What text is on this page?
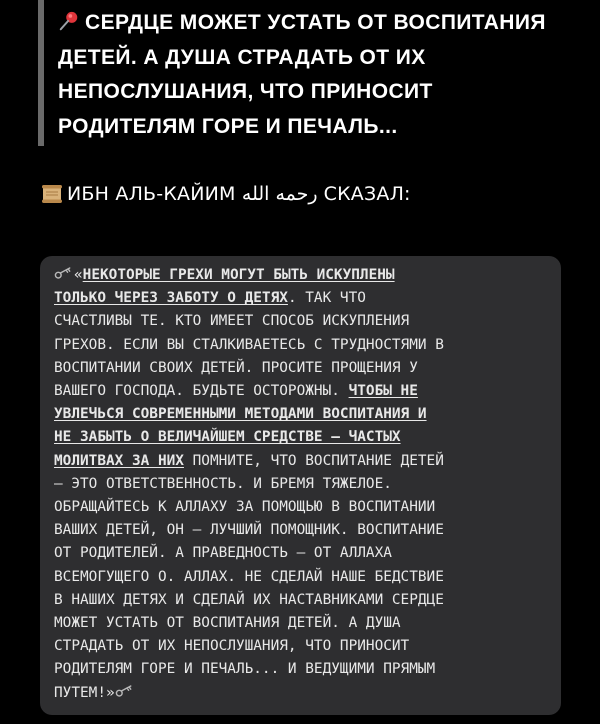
СЕРДЦЕ МОЖЕТ УСТАТЬ ОТ ВОСПИТАНИЯ
ДЕТЕЙ. А ДУША СТРАДАТЬ ОТ ИХ
НЕПОСЛУШАНИЯ, ЧТО ПРИНОСИТ
РОДИТЕЛЯМ ГОРЕ И ПЕЧАЛЬ...
ИБН АЛЬ-КАЙИМ رحمه الله СКАЗАЛ:
«НЕКОТОРЫЕ ГРЕХИ МОГУТ БЫТЬ ИСКУПЛЕНЫ
ТОЛЬКО ЧЕРЕЗ ЗАБОТУ О ДЕТЯХ. ТАК ЧТО
СЧАСТЛИВЫ ТЕ. КТО ИМЕЕТ СПОСОБ ИСКУПЛЕНИЯ
ГРЕХОВ. ЕСЛИ ВЫ СТАЛКИВАЕТЕСЬ С ТРУДНОСТЯМИ В
ВОСПИТАНИИ СВОИХ ДЕТЕЙ. ПРОСИТЕ ПРОЩЕНИЯ У
ВАШЕГО ГОСПОДА. БУДЬТЕ ОСТОРОЖНЫ. ЧТОБЫ НЕ
УВЛЕЧЬСЯ СОВРЕМЕННЫМИ МЕТОДАМИ ВОСПИТАНИЯ И
НЕ ЗАБЫТЬ О ВЕЛИЧАЙШЕМ СРЕДСТВЕ – ЧАСТЫХ
МОЛИТВАХ ЗА НИХ ПОМНИТЕ, ЧТО ВОСПИТАНИЕ ДЕТЕЙ
– ЭТО ОТВЕТСТВЕННОСТЬ. И БРЕМЯ ТЯЖЕЛОЕ.
ОБРАЩАЙТЕСЬ К АЛЛАХУ ЗА ПОМОЩЬЮ В ВОСПИТАНИИ
ВАШИХ ДЕТЕЙ, ОН – ЛУЧШИЙ ПОМОЩНИК. ВОСПИТАНИЕ
ОТ РОДИТЕЛЕЙ. А ПРАВЕДНОСТЬ – ОТ АЛЛАХА
ВСЕМОГУЩЕГО О. АЛЛАХ. НЕ СДЕЛАЙ НАШЕ БЕДСТВИЕ
В НАШИХ ДЕТЯХ И СДЕЛАЙ ИХ НАСТАВНИКАМИ СЕРДЦЕ
МОЖЕТ УСТАТЬ ОТ ВОСПИТАНИЯ ДЕТЕЙ. А ДУША
СТРАДАТЬ ОТ ИХ НЕПОСЛУШАНИЯ, ЧТО ПРИНОСИТ
РОДИТЕЛЯМ ГОРЕ И ПЕЧАЛЬ... И ВЕДУЩИМИ ПРЯМЫМ
ПУТЕМ!»
